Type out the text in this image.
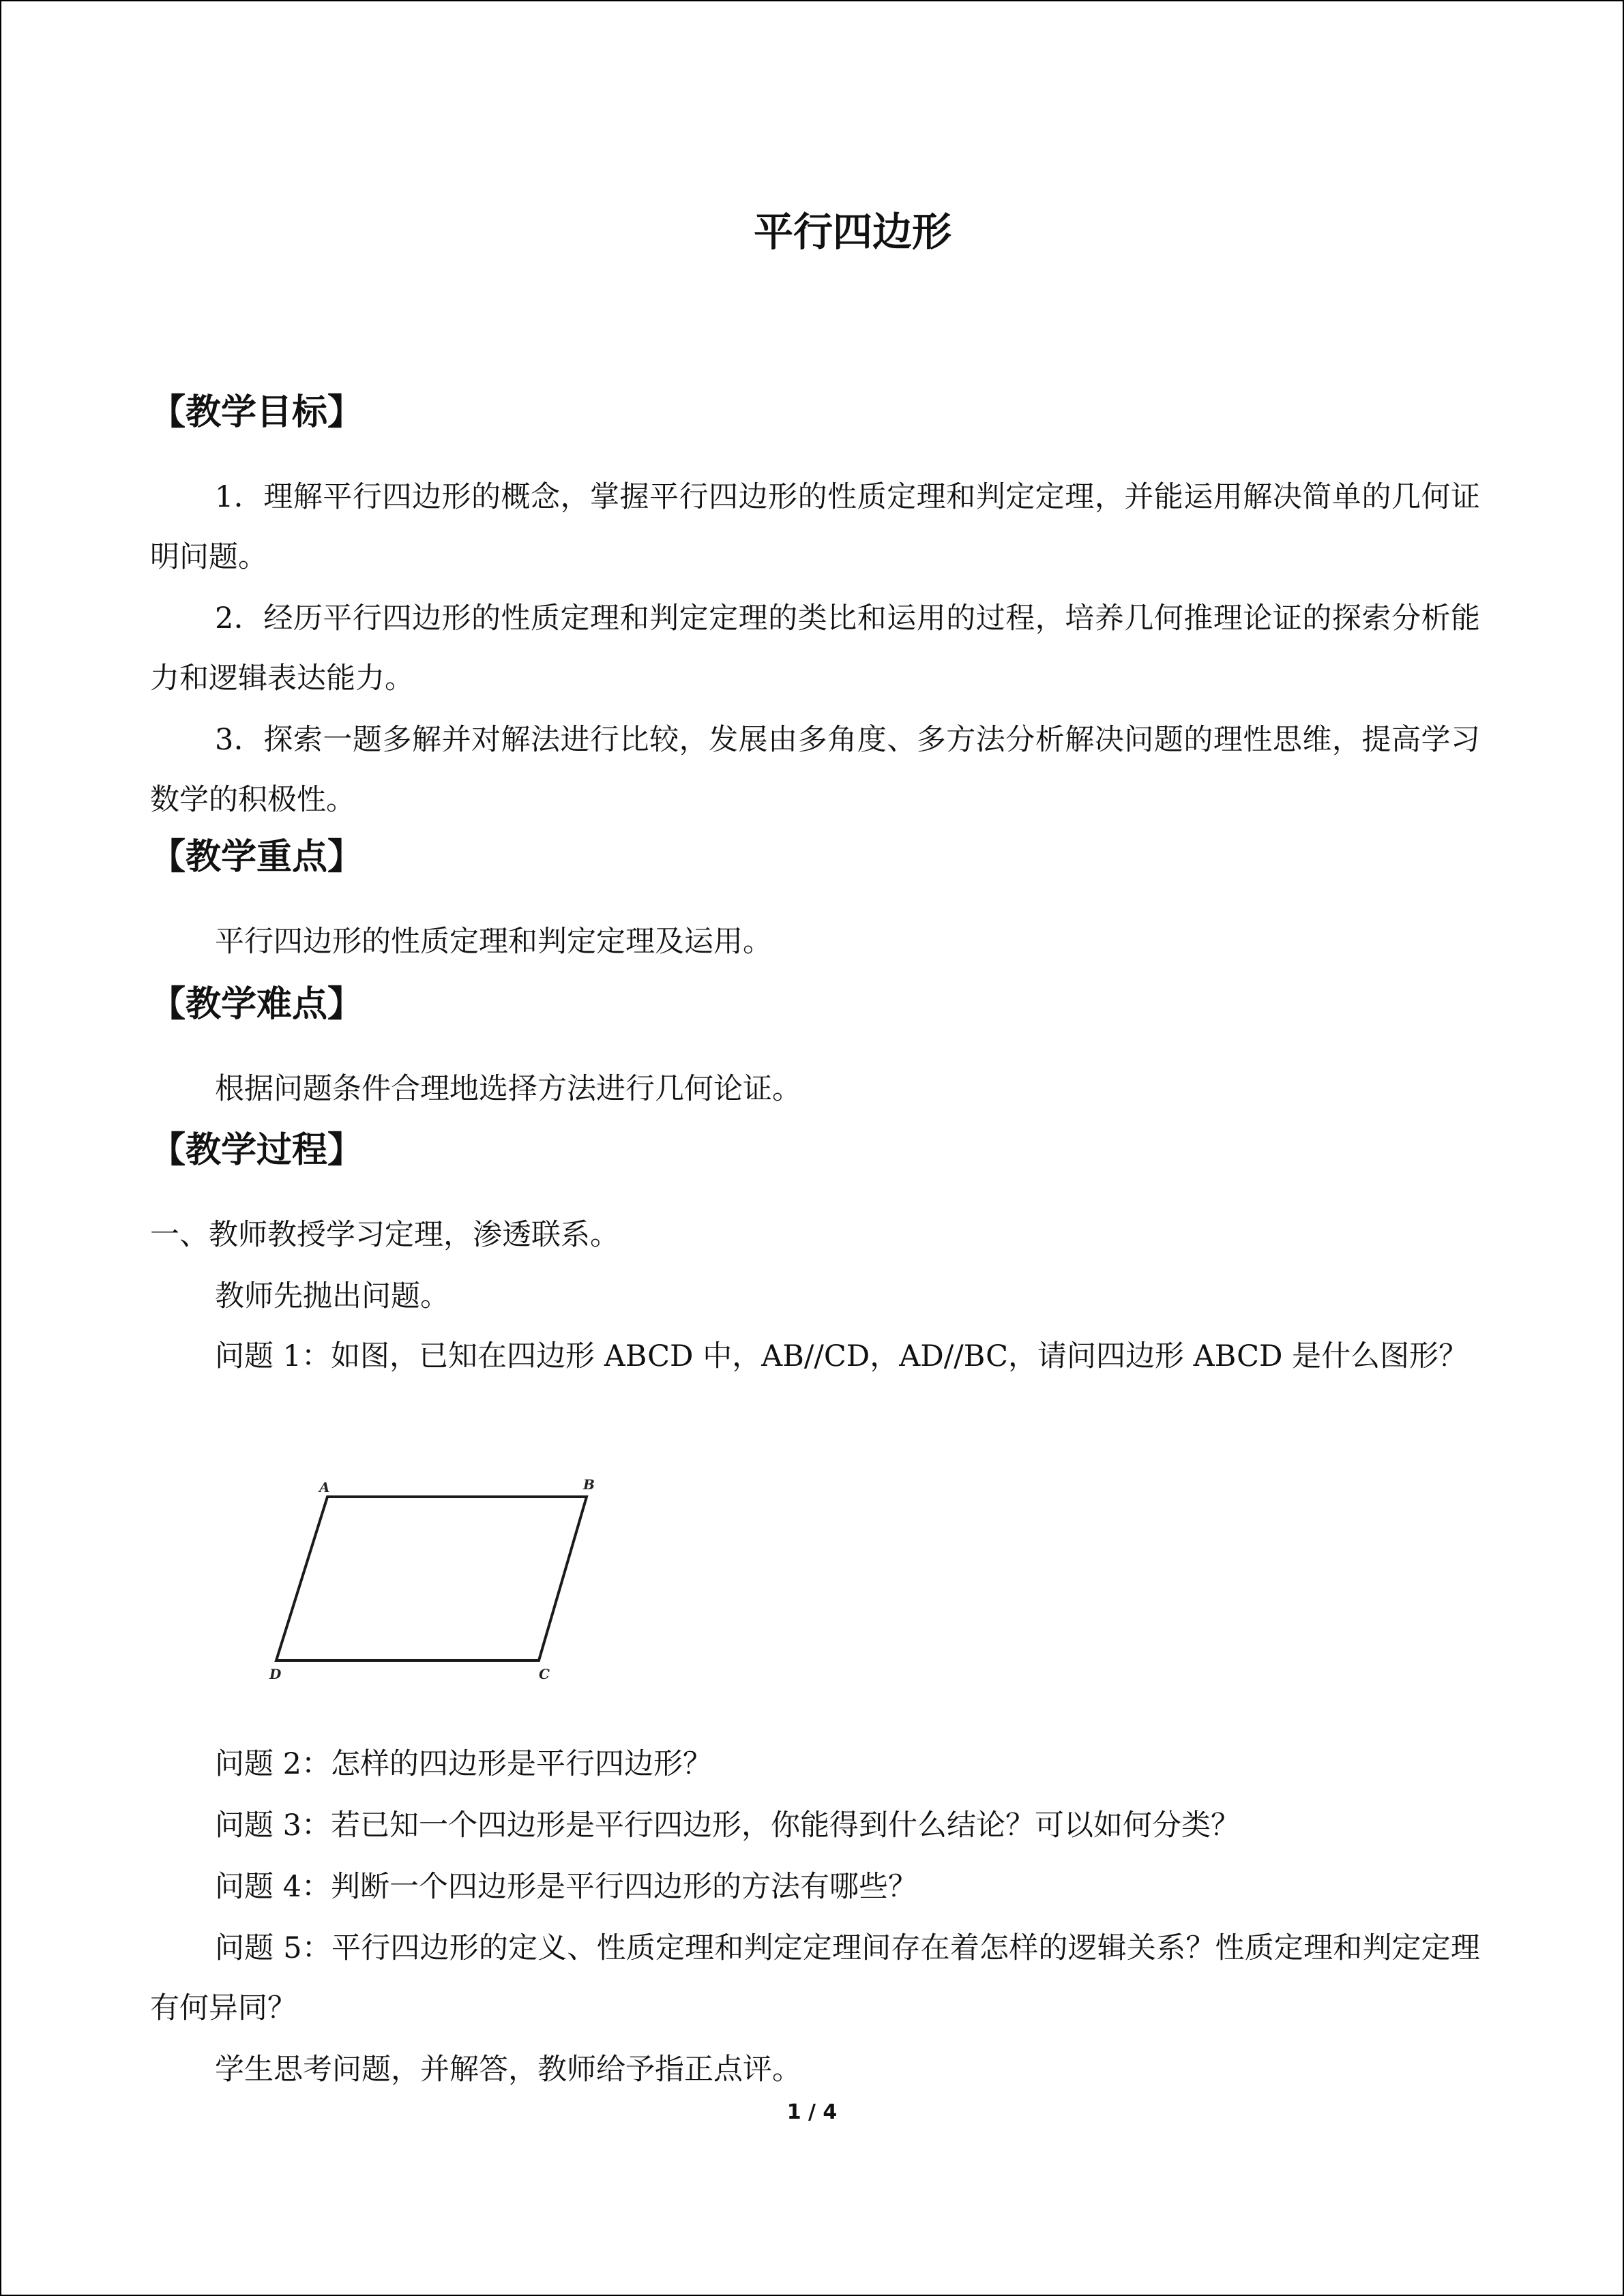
平行四边形
【教学目标】

1．理解平行四边形的概念，掌握平行四边形的性质定理和判定定理，并能运用解决简单的几何证明问题。

2．经历平行四边形的性质定理和判定定理的类比和运用的过程，培养几何推理论证的探索分析能力和逻辑表达能力。

3．探索一题多解并对解法进行比较，发展由多角度、多方法分析解决问题的理性思维，提高学习数学的积极性。

【教学重点】

平行四边形的性质定理和判定定理及运用。

【教学难点】

根据问题条件合理地选择方法进行几何论证。

【教学过程】

一、教师教授学习定理，渗透联系。

教师先抛出问题。

问题 1：如图，已知在四边形 ABCD 中，AB//CD，AD//BC，请问四边形 ABCD 是什么图形？

A	B
C
D

问题 2：怎样的四边形是平行四边形？

问题 3：若已知一个四边形是平行四边形，你能得到什么结论？可以如何分类？

问题 4：判断一个四边形是平行四边形的方法有哪些？

问题 5：平行四边形的定义、性质定理和判定定理间存在着怎样的逻辑关系？性质定理和判定定理有何异同？

学生思考问题，并解答，教师给予指正点评。

1 / 4
